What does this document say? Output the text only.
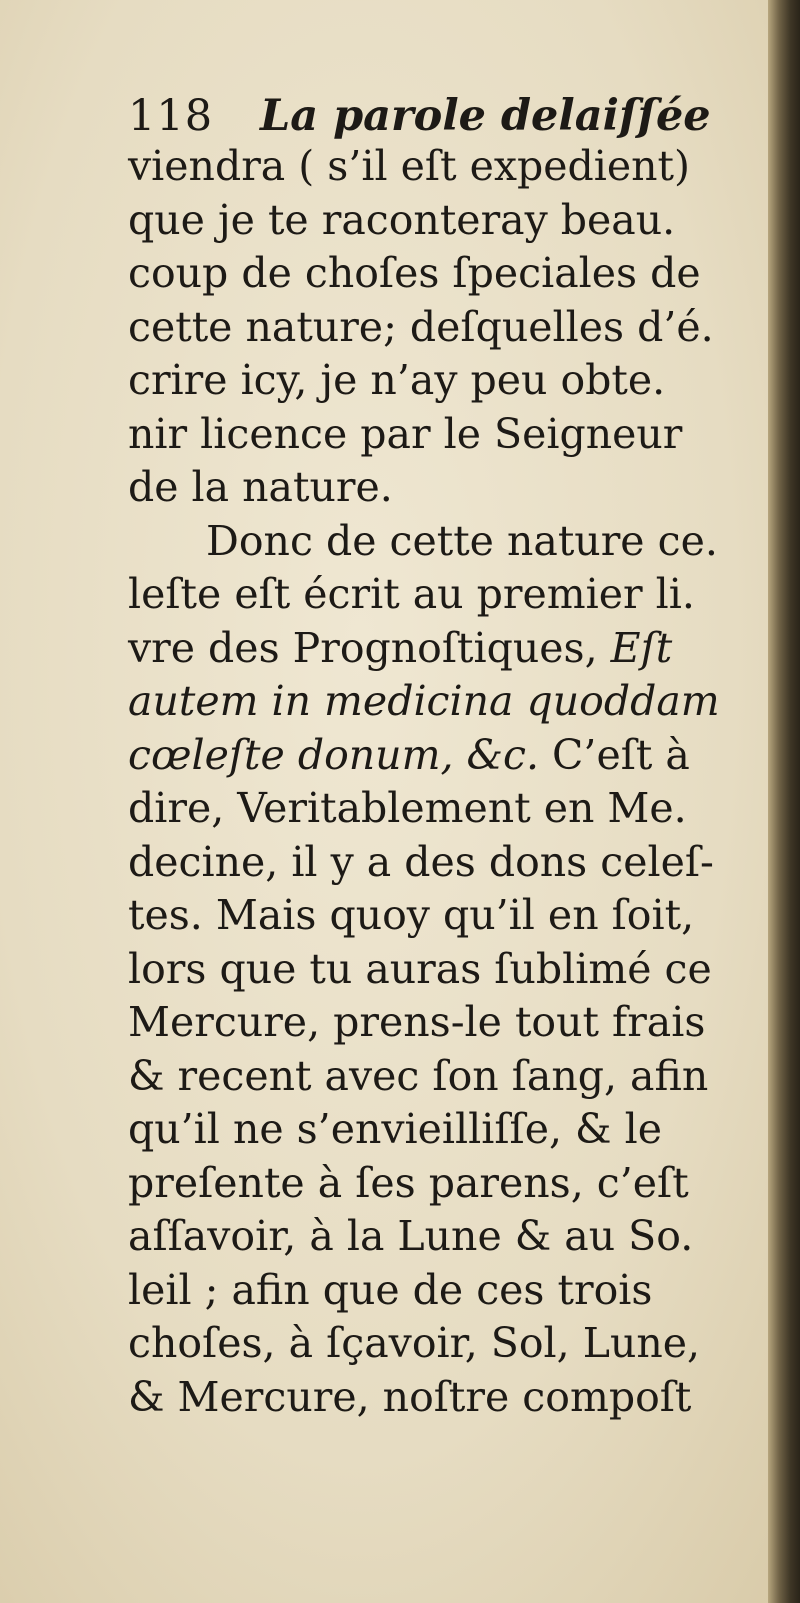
118	La parole delaiſſée
viendra ( s’il eſt expedient)
que je te raconteray beau.
coup de choſes ſpeciales de
cette nature; deſquelles d’é.
crire icy, je n’ay peu obte.
nir licence par le Seigneur
de la nature.
Donc de cette nature ce.
leſte eſt écrit au premier li.
vre des Prognoſtiques, Eſt
autem in medicina quoddam
cœleſte donum, &c. C’eſt à
dire, Veritablement en Me.
decine, il y a des dons celeſ-
tes. Mais quoy qu’il en ſoit,
lors que tu auras ſublimé ce
Mercure, prens-le tout frais
& recent avec ſon ſang, afin
qu’il ne s’envieilliſſe, & le
preſente à ſes parens, c’eſt
aſſavoir, à la Lune & au So.
leil ; afin que de ces trois
choſes, à ſçavoir, Sol, Lune,
& Mercure, noſtre compoſt
